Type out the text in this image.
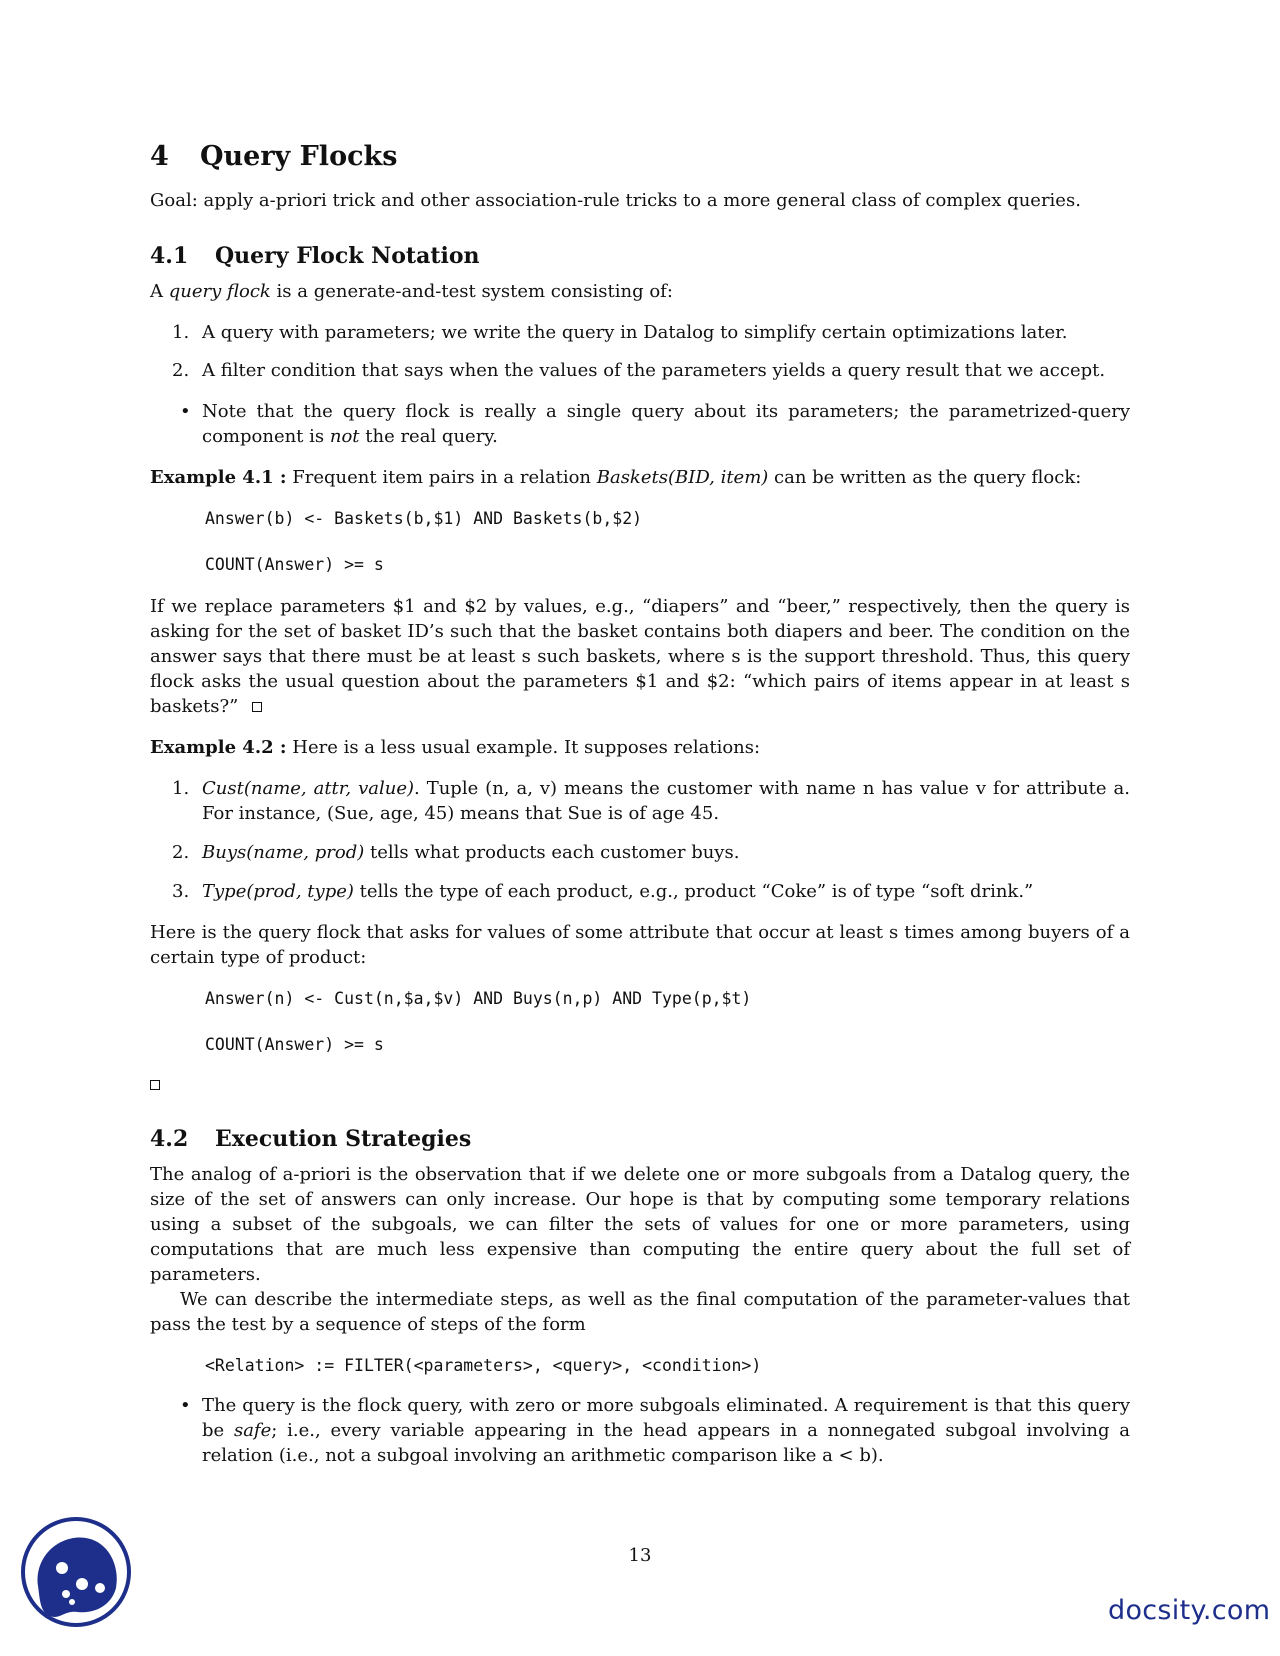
4 Query Flocks

Goal: apply a-priori trick and other association-rule tricks to a more general class of complex queries.

4.1 Query Flock Notation

A query flock is a generate-and-test system consisting of:

1. A query with parameters; we write the query in Datalog to simplify certain optimizations later.
2. A filter condition that says when the values of the parameters yields a query result that we accept.
• Note that the query flock is really a single query about its parameters; the parametrized-query component is not the real query.

Example 4.1 : Frequent item pairs in a relation Baskets(BID, item) can be written as the query flock:

Answer(b) <- Baskets(b,$1) AND Baskets(b,$2)
COUNT(Answer) >= s

If we replace parameters $1 and $2 by values, e.g., “diapers” and “beer,” respectively, then the query is asking for the set of basket ID’s such that the basket contains both diapers and beer. The condition on the answer says that there must be at least s such baskets, where s is the support threshold. Thus, this query flock asks the usual question about the parameters $1 and $2: “which pairs of items appear in at least s baskets?”

Example 4.2 : Here is a less usual example. It supposes relations:

1. Cust(name, attr, value). Tuple (n, a, v) means the customer with name n has value v for attribute a. For instance, (Sue, age, 45) means that Sue is of age 45.
2. Buys(name, prod) tells what products each customer buys.
3. Type(prod, type) tells the type of each product, e.g., product “Coke” is of type “soft drink.”

Here is the query flock that asks for values of some attribute that occur at least s times among buyers of a certain type of product:

Answer(n) <- Cust(n,$a,$v) AND Buys(n,p) AND Type(p,$t)
COUNT(Answer) >= s
4.2 Execution Strategies

The analog of a-priori is the observation that if we delete one or more subgoals from a Datalog query, the size of the set of answers can only increase. Our hope is that by computing some temporary relations using a subset of the subgoals, we can filter the sets of values for one or more parameters, using computations that are much less expensive than computing the entire query about the full set of parameters.

We can describe the intermediate steps, as well as the final computation of the parameter-values that pass the test by a sequence of steps of the form

<Relation> := FILTER(<parameters>, <query>, <condition>)
• The query is the flock query, with zero or more subgoals eliminated. A requirement is that this query be safe; i.e., every variable appearing in the head appears in a nonnegated subgoal involving a relation (i.e., not a subgoal involving an arithmetic comparison like a < b).
13
docsity.com
